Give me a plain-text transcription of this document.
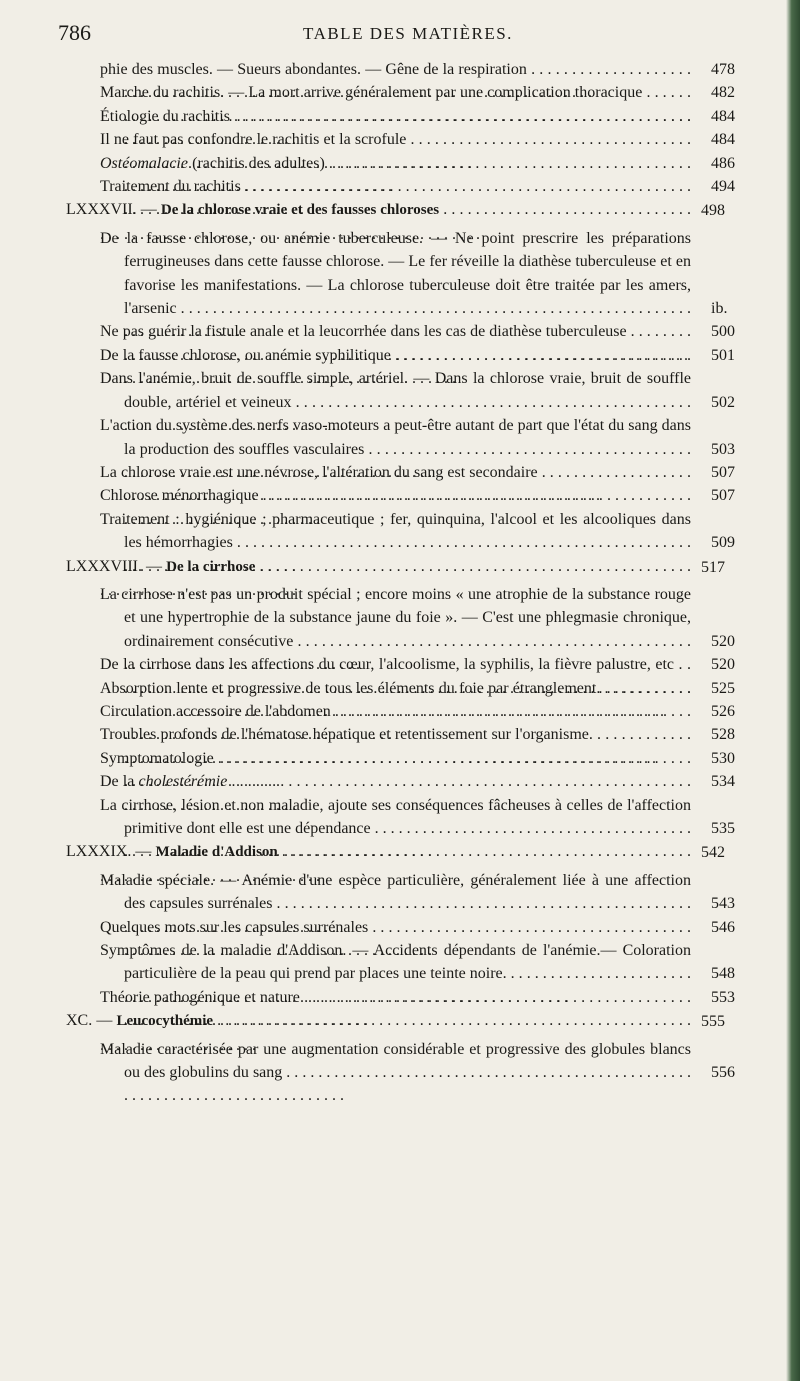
786	TABLE DES MATIÈRES.
phie des muscles. — Sueurs abondantes. — Gêne de la respiration . . .	478
Marche du rachitis. — La mort arrive généralement par une complication thoracique . . .	482
Étiologie du rachitis . . .	484
Il ne faut pas confondre le rachitis et la scrofule . . .	484
Ostéomalacie (rachitis des adultes) . . .	486
Traitement du rachitis . . .	494
LXXXVII. — De la chlorose vraie et des fausses chloroses . . .	498
De la fausse chlorose, ou anémie tuberculeuse. — Ne point prescrire les préparations ferrugineuses dans cette fausse chlorose. — Le fer réveille la diathèse tuberculeuse et en favorise les manifestations. — La chlorose tuberculeuse doit être traitée par les amers, l'arsenic . . .	ib.
Ne pas guérir la fistule anale et la leucorrhée dans les cas de diathèse tuberculeuse . . .	500
De la fausse chlorose, ou anémie syphilitique . . .	501
Dans l'anémie, bruit de souffle simple, artériel. — Dans la chlorose vraie, bruit de souffle double, artériel et veineux . . .	502
L'action du système des nerfs vaso-moteurs a peut-être autant de part que l'état du sang dans la production des souffles vasculaires . . .	503
La chlorose vraie est une névrose, l'altération du sang est secondaire . . .	507
Chlorose ménorrhagique . . .	507
Traitement : hygiénique ; pharmaceutique ; fer, quinquina, l'alcool et les alcooliques dans les hémorrhagies . . .	509
LXXXVIII. — De la cirrhose . . .	517
La cirrhose n'est pas un produit spécial ; encore moins « une atrophie de la substance rouge et une hypertrophie de la substance jaune du foie ». — C'est une phlegmasie chronique, ordinairement consécutive . . .	520
De la cirrhose dans les affections du cœur, l'alcoolisme, la syphilis, la fièvre palustre, etc . . .	520
Absorption lente et progressive de tous les éléments du foie par étranglement. . . .	525
Circulation accessoire de l'abdomen . . .	526
Troubles profonds de l'hématose hépatique et retentissement sur l'organisme. . . .	528
Symptomatologie . . .	530
De la cholestérémie . . .	534
La cirrhose, lésion et non maladie, ajoute ses conséquences fâcheuses à celles de l'affection primitive dont elle est une dépendance . . .	535
LXXXIX. — Maladie d'Addison . . .	542
Maladie spéciale. — Anémie d'une espèce particulière, généralement liée à une affection des capsules surrénales . . .	543
Quelques mots sur les capsules surrénales . . .	546
Symptômes de la maladie d'Addison. — Accidents dépendants de l'anémie.— Coloration particulière de la peau qui prend par places une teinte noire. . . .	548
Théorie pathogénique et nature . . .	553
XC. — Leucocythémie . . .	555
Maladie caractérisée par une augmentation considérable et progressive des globules blancs ou des globulins du sang . . .	556
